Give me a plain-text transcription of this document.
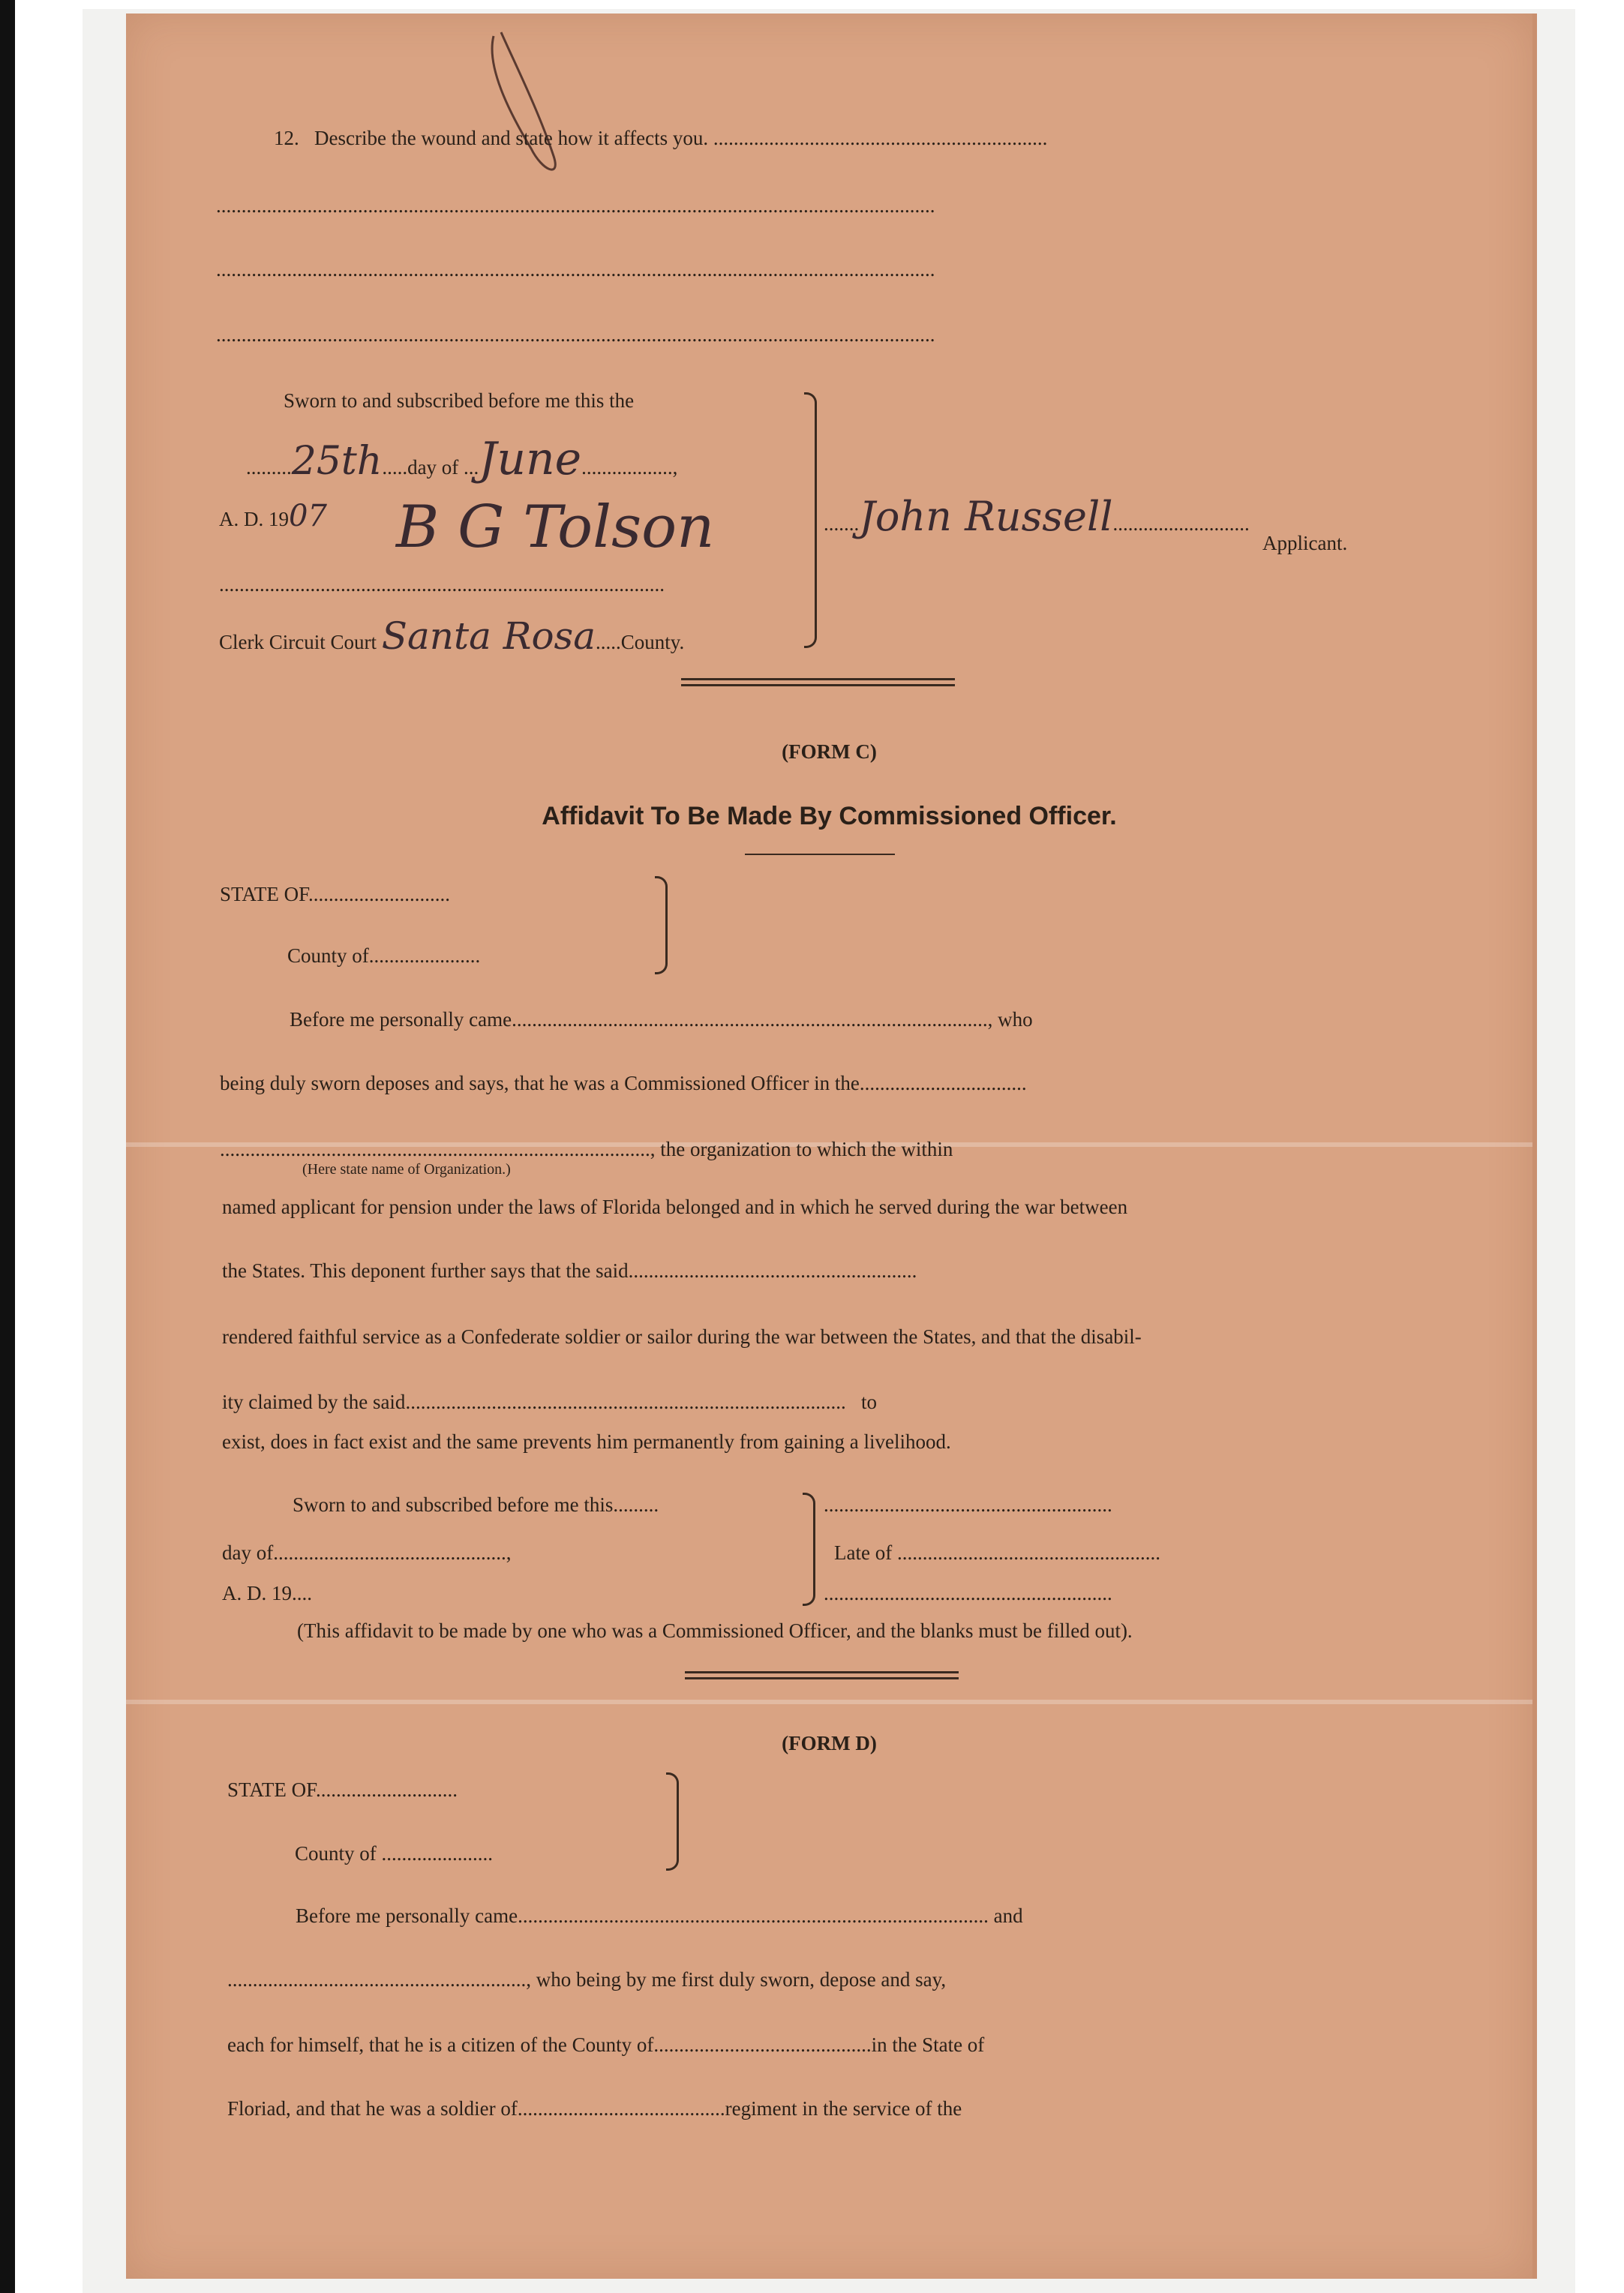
12. Describe the wound and state how it affects you. ..................................................................
..............................................................................................................................................
..............................................................................................................................................
..............................................................................................................................................
Sworn to and subscribed before me this the
.........25th.....day of ...June..................,
A. D. 1907 B G Tolson
........................................................................................
Clerk Circuit Court Santa Rosa.....County.
.......John Russell...........................
Applicant.
(FORM C)
Affidavit To Be Made By Commissioned Officer.
STATE OF............................
County of......................
Before me personally came.............................................................................................., who
being duly sworn deposes and says, that he was a Commissioned Officer in the.................................
....................................................................................., the organization to which the within
(Here state name of Organization.)
named applicant for pension under the laws of Florida belonged and in which he served during the war between
the States. This deponent further says that the said.........................................................
rendered faithful service as a Confederate soldier or sailor during the war between the States, and that the disabil-
ity claimed by the said.......................................................................................   to
exist, does in fact exist and the same prevents him permanently from gaining a livelihood.
Sworn to and subscribed before me this.........
day of..............................................,
A. D. 19....
.........................................................
Late of ....................................................
.........................................................
(This affidavit to be made by one who was a Commissioned Officer, and the blanks must be filled out).
(FORM D)
STATE OF............................
County of ......................
Before me personally came............................................................................................. and
..........................................................., who being by me first duly sworn, depose and say,
each for himself, that he is a citizen of the County of...........................................in the State of
Floriad, and that he was a soldier of.........................................regiment in the service of the
